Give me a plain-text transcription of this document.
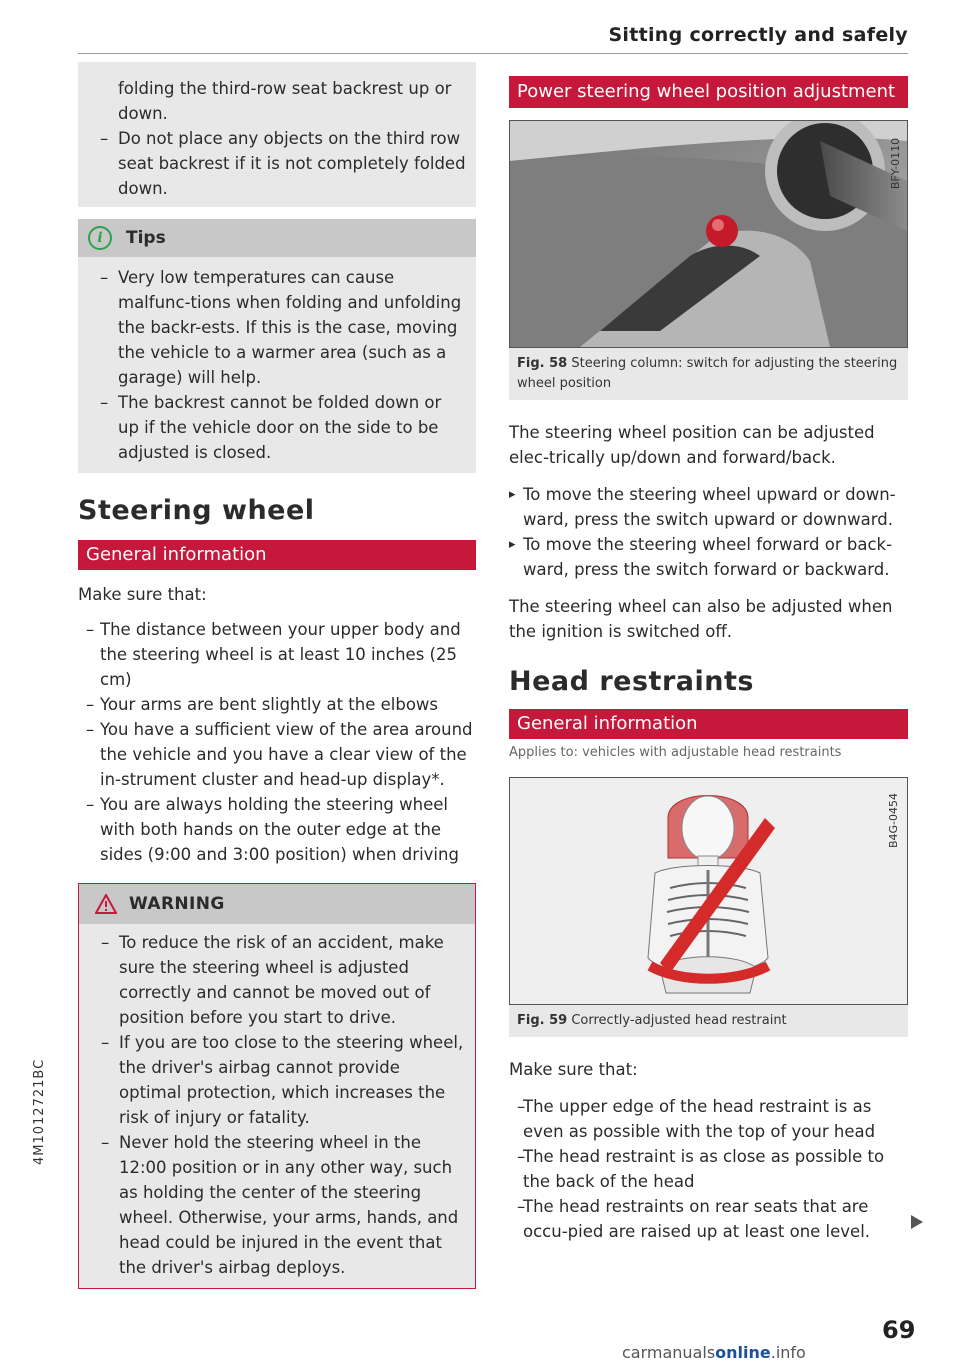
Sitting correctly and safely
4M1012721BC
folding the third-row seat backrest up or down.
– Do not place any objects on the third row seat backrest if it is not completely folded down.
i	Tips
– Very low temperatures can cause malfunc-tions when folding and unfolding the backr-ests. If this is the case, moving the vehicle to a warmer area (such as a garage) will help.
– The backrest cannot be folded down or up if the vehicle door on the side to be adjusted is closed.
Steering wheel
General information
Make sure that:
– The distance between your upper body and the steering wheel is at least 10 inches (25 cm)
– Your arms are bent slightly at the elbows
– You have a sufficient view of the area around the vehicle and you have a clear view of the in-strument cluster and head-up display*.
– You are always holding the steering wheel with both hands on the outer edge at the sides (9:00 and 3:00 position) when driving
WARNING
– To reduce the risk of an accident, make sure the steering wheel is adjusted correctly and cannot be moved out of position before you start to drive.
– If you are too close to the steering wheel, the driver's airbag cannot provide optimal protection, which increases the risk of injury or fatality.
– Never hold the steering wheel in the 12:00 position or in any other way, such as holding the center of the steering wheel. Otherwise, your arms, hands, and head could be injured in the event that the driver's airbag deploys.
Power steering wheel position adjustment
BFY-0110
Fig. 58 Steering column: switch for adjusting the steering wheel position
The steering wheel position can be adjusted elec-trically up/down and forward/back.
▸ To move the steering wheel upward or down-ward, press the switch upward or downward.
▸ To move the steering wheel forward or back-ward, press the switch forward or backward.
The steering wheel can also be adjusted when the ignition is switched off.
Head restraints
General information
Applies to: vehicles with adjustable head restraints
B4G-0454
Fig. 59 Correctly-adjusted head restraint
Make sure that:
– The upper edge of the head restraint is as even as possible with the top of your head
– The head restraint is as close as possible to the back of the head
– The head restraints on rear seats that are occu-pied are raised up at least one level.
69
carmanualsonline.info
